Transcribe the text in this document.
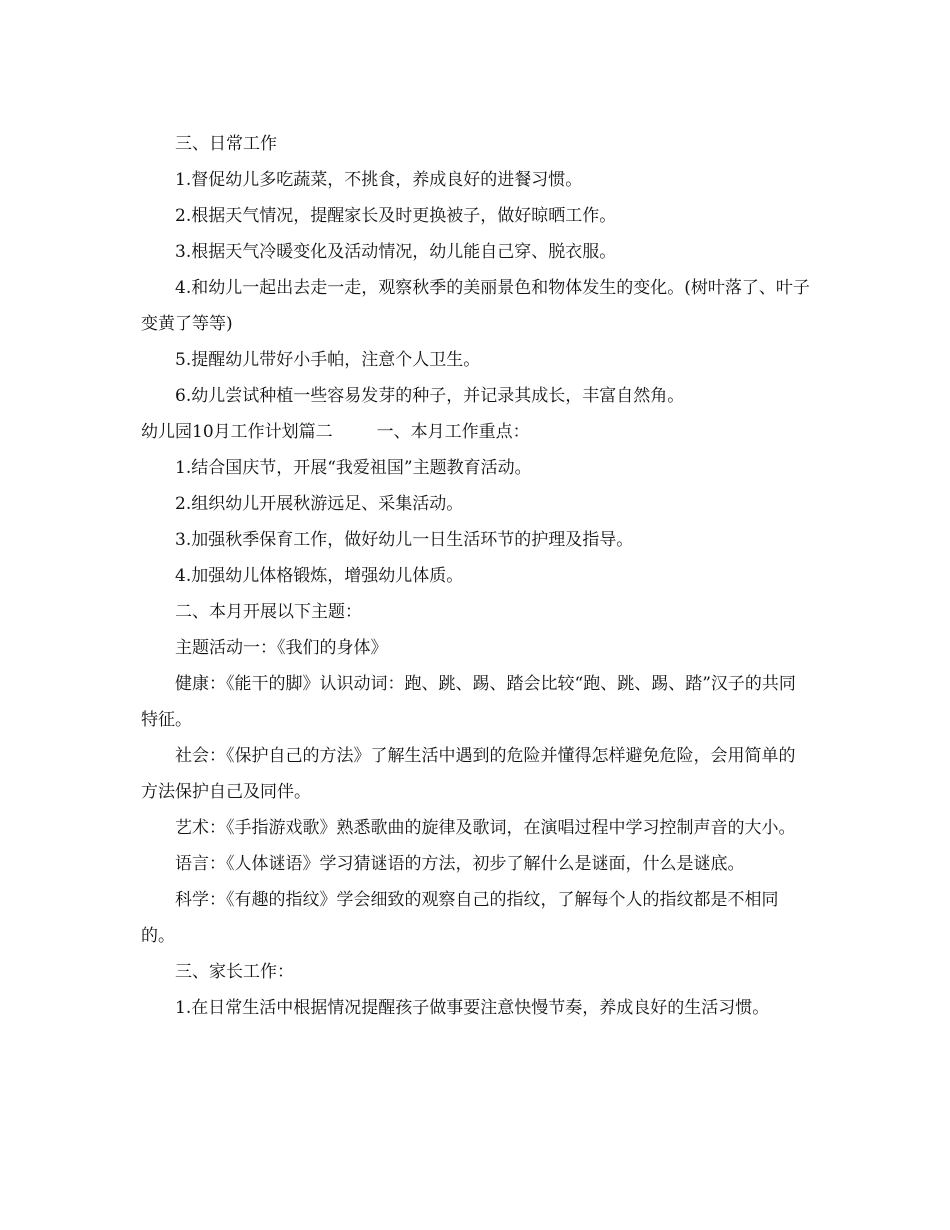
三、日常工作

1.督促幼儿多吃蔬菜，不挑食，养成良好的进餐习惯。

2.根据天气情况，提醒家长及时更换被子，做好晾晒工作。

3.根据天气冷暖变化及活动情况，幼儿能自己穿、脱衣服。

4.和幼儿一起出去走一走，观察秋季的美丽景色和物体发生的变化。(树叶落了、叶子变黄了等等)

5.提醒幼儿带好小手帕，注意个人卫生。

6.幼儿尝试种植一些容易发芽的种子，并记录其成长，丰富自然角。

幼儿园10月工作计划篇二	一、本月工作重点：

1.结合国庆节，开展“我爱祖国”主题教育活动。

2.组织幼儿开展秋游远足、采集活动。

3.加强秋季保育工作，做好幼儿一日生活环节的护理及指导。

4.加强幼儿体格锻炼，增强幼儿体质。

二、本月开展以下主题：

主题活动一：《我们的身体》

健康：《能干的脚》认识动词：跑、跳、踢、踏会比较“跑、跳、踢、踏”汉子的共同特征。

社会：《保护自己的方法》了解生活中遇到的危险并懂得怎样避免危险，会用简单的方法保护自己及同伴。

艺术：《手指游戏歌》熟悉歌曲的旋律及歌词，在演唱过程中学习控制声音的大小。

语言：《人体谜语》学习猜谜语的方法，初步了解什么是谜面，什么是谜底。

科学：《有趣的指纹》学会细致的观察自己的指纹，了解每个人的指纹都是不相同的。

三、家长工作：

1.在日常生活中根据情况提醒孩子做事要注意快慢节奏，养成良好的生活习惯。
